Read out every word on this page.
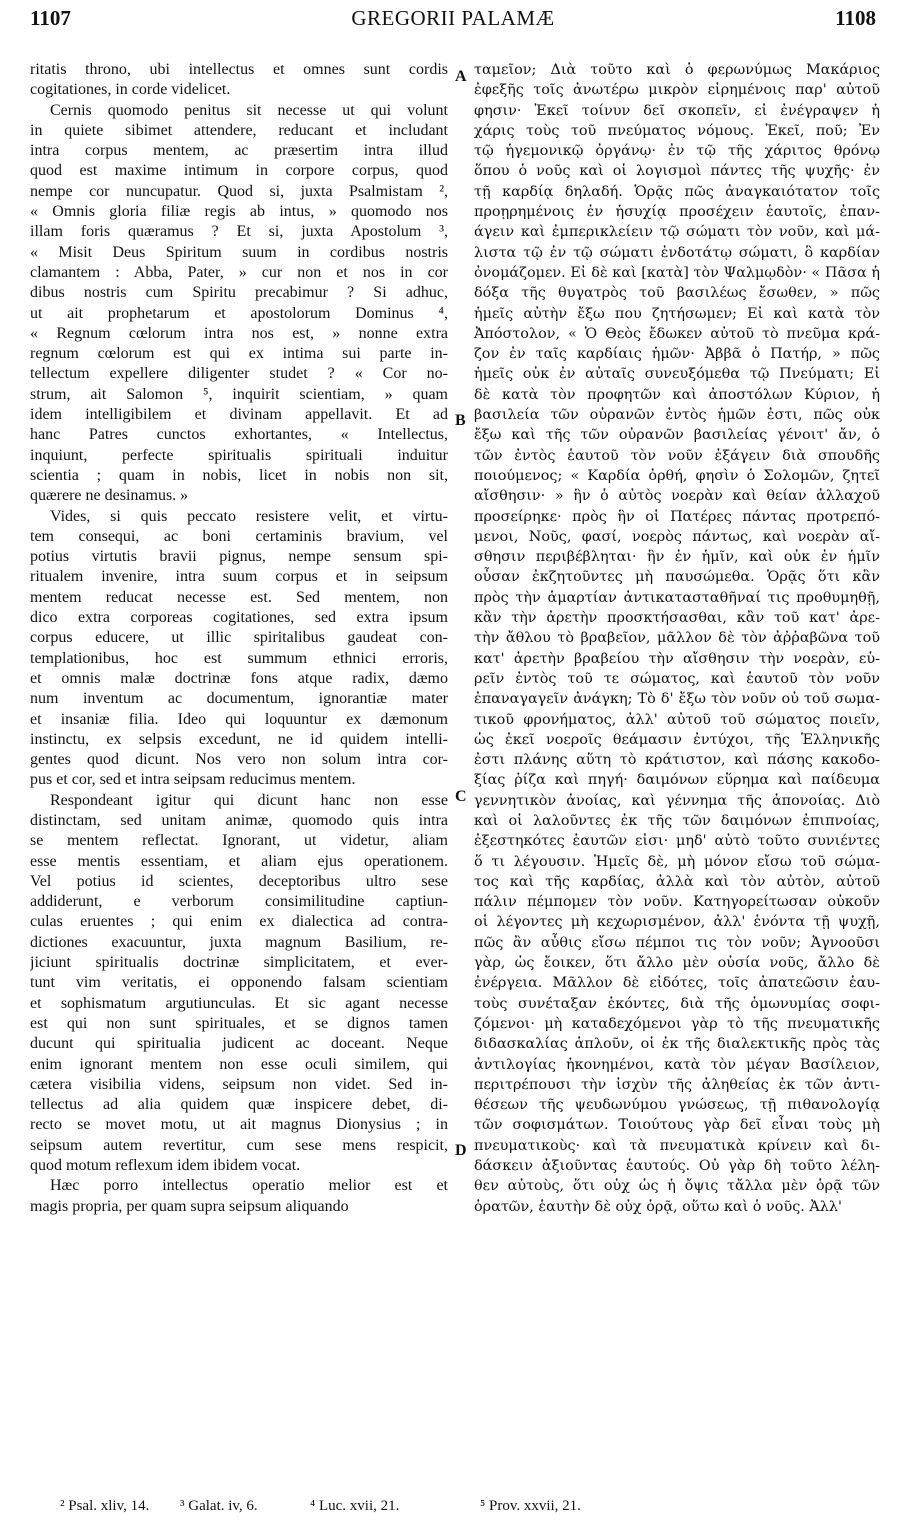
1107	GREGORII PALAMÆ	1108
ritatis throno, ubi intellectus et omnes sunt cordis
cogitationes, in corde videlicet.
Cernis quomodo penitus sit necesse ut qui volunt
in quiete sibimet attendere, reducant et includant
intra corpus mentem, ac præsertim intra illud
quod est maxime intimum in corpore corpus, quod
nempe cor nuncupatur. Quod si, juxta Psalmistam ²,
« Omnis gloria filiæ regis ab intus, » quomodo nos
illam foris quæramus ? Et si, juxta Apostolum ³,
« Misit Deus Spiritum suum in cordibus nostris
clamantem : Abba, Pater, » cur non et nos in cor
dibus nostris cum Spiritu precabimur ? Si adhuc,
ut ait prophetarum et apostolorum Dominus ⁴,
« Regnum cœlorum intra nos est, » nonne extra
regnum cœlorum est qui ex intima sui parte in-
tellectum expellere diligenter studet ? « Cor no-
strum, ait Salomon ⁵, inquirit scientiam, » quam
idem intelligibilem et divinam appellavit. Et ad
hanc Patres cunctos exhortantes, « Intellectus,
inquiunt, perfecte spiritualis spirituali induitur
scientia ; quam in nobis, licet in nobis non sit,
quærere ne desinamus. »
Vides, si quis peccato resistere velit, et virtu-
tem consequi, ac boni certaminis bravium, vel
potius virtutis bravii pignus, nempe sensum spi-
ritualem invenire, intra suum corpus et in seipsum
mentem reducat necesse est. Sed mentem, non
dico extra corporeas cogitationes, sed extra ipsum
corpus educere, ut illic spiritalibus gaudeat con-
templationibus, hoc est summum ethnici erroris,
et omnis malæ doctrinæ fons atque radix, dæmo
num inventum ac documentum, ignorantiæ mater
et insaniæ filia. Ideo qui loquuntur ex dæmonum
instinctu, ex selpsis excedunt, ne id quidem intelli-
gentes quod dicunt. Nos vero non solum intra cor-
pus et cor, sed et intra seipsam reducimus mentem.
Respondeant igitur qui dicunt hanc non esse
distinctam, sed unitam animæ, quomodo quis intra
se mentem reflectat. Ignorant, ut videtur, aliam
esse mentis essentiam, et aliam ejus operationem.
Vel potius id scientes, deceptoribus ultro sese
addiderunt, e verborum consimilitudine captiun-
culas eruentes ; qui enim ex dialectica ad contra-
dictiones exacuuntur, juxta magnum Basilium, re-
jiciunt spiritualis doctrinæ simplicitatem, et ever-
tunt vim veritatis, ei opponendo falsam scientiam
et sophismatum argutiunculas. Et sic agant necesse
est qui non sunt spirituales, et se dignos tamen
ducunt qui spiritualia judicent ac doceant. Neque
enim ignorant mentem non esse oculi similem, qui
cætera visibilia videns, seipsum non videt. Sed in-
tellectus ad alia quidem quæ inspicere debet, di-
recto se movet motu, ut ait magnus Dionysius ; in
seipsum autem revertitur, cum sese mens respicit,
quod motum reflexum idem ibidem vocat.
Hæc porro intellectus operatio melior est et
magis propria, per quam supra seipsum aliquando
ταμεῖον; Διὰ τοῦτο καὶ ὁ φερωνύμως Μακάριος
ἐφεξῆς τοῖς ἀνωτέρω μικρὸν εἰρημένοις παρ' αὐτοῦ
φησιν· Ἐκεῖ τοίνυν δεῖ σκοπεῖν, εἰ ἐνέγραψεν ἡ
χάρις τοὺς τοῦ πνεύματος νόμους. Ἐκεῖ, ποῦ; Ἐν
τῷ ἡγεμονικῷ ὀργάνῳ· ἐν τῷ τῆς χάριτος θρόνῳ
ὅπου ὁ νοῦς καὶ οἱ λογισμοὶ πάντες τῆς ψυχῆς· ἐν
τῇ καρδίᾳ δηλαδή. Ὁρᾷς πῶς ἀναγκαιότατον τοῖς
προῃρημένοις ἐν ἡσυχίᾳ προσέχειν ἑαυτοῖς, ἐπαν-
άγειν καὶ ἐμπερικλείειν τῷ σώματι τὸν νοῦν, καὶ μά-
λιστα τῷ ἐν τῷ σώματι ἐνδοτάτῳ σώματι, ὃ καρδίαν
ὀνομάζομεν. Εἰ δὲ καὶ [κατὰ] τὸν Ψαλμῳδὸν· « Πᾶσα ἡ
δόξα τῆς θυγατρὸς τοῦ βασιλέως ἔσωθεν, » πῶς
ἡμεῖς αὐτὴν ἔξω που ζητήσωμεν; Εἰ καὶ κατὰ τὸν
Ἀπόστολον, « Ὁ Θεὸς ἔδωκεν αὐτοῦ τὸ πνεῦμα κρά-
ζον ἐν ταῖς καρδίαις ἡμῶν· Ἀββᾶ ὁ Πατήρ, » πῶς
ἡμεῖς οὐκ ἐν αὐταῖς συνευξόμεθα τῷ Πνεύματι; Εἰ
δὲ κατὰ τὸν προφητῶν καὶ ἀποστόλων Κύριον, ἡ
βασιλεία τῶν οὐρανῶν ἐντὸς ἡμῶν ἐστι, πῶς οὐκ
ἔξω καὶ τῆς τῶν οὐρανῶν βασιλείας γένοιτ' ἄν, ὁ
τῶν ἐντὸς ἑαυτοῦ τὸν νοῦν ἐξάγειν διὰ σπουδῆς
ποιούμενος; « Καρδία ὀρθή, φησὶν ὁ Σολομῶν, ζητεῖ
αἴσθησιν· » ἣν ὁ αὐτὸς νοερὰν καὶ θείαν ἀλλαχοῦ
προσείρηκε· πρὸς ἣν οἱ Πατέρες πάντας προτρεπό-
μενοι, Νοῦς, φασί, νοερὸς πάντως, καὶ νοερὰν αἴ-
σθησιν περιβέβληται· ἣν ἐν ἡμῖν, καὶ οὐκ ἐν ἡμῖν
οὖσαν ἐκζητοῦντες μὴ παυσώμεθα. Ὁρᾷς ὅτι κἂν
πρὸς τὴν ἁμαρτίαν ἀντικατασταθῆναί τις προθυμηθῇ,
κἂν τὴν ἀρετὴν προσκτήσασθαι, κἂν τοῦ κατ' ἀρε-
τὴν ἄθλου τὸ βραβεῖον, μᾶλλον δὲ τὸν ἀῤῥαβῶνα τοῦ
κατ' ἀρετὴν βραβείου τὴν αἴσθησιν τὴν νοερὰν, εὑ-
ρεῖν ἐντὸς τοῦ τε σώματος, καὶ ἑαυτοῦ τὸν νοῦν
ἐπαναγαγεῖν ἀνάγκη; Τὸ δ' ἔξω τὸν νοῦν οὐ τοῦ σωμα-
τικοῦ φρονήματος, ἀλλ' αὐτοῦ τοῦ σώματος ποιεῖν,
ὡς ἐκεῖ νοεροῖς θεάμασιν ἐντύχοι, τῆς Ἑλληνικῆς
ἐστι πλάνης αὕτη τὸ κράτιστον, καὶ πάσης κακοδο-
ξίας ῥίζα καὶ πηγή· δαιμόνων εὕρημα καὶ παίδευμα
γεννητικὸν ἀνοίας, καὶ γέννημα τῆς ἀπονοίας. Διὸ
καὶ οἱ λαλοῦντες ἐκ τῆς τῶν δαιμόνων ἐπιπνοίας,
ἐξεστηκότες ἑαυτῶν εἰσι· μηδ' αὐτὸ τοῦτο συνιέντες
ὅ τι λέγουσιν. Ἡμεῖς δὲ, μὴ μόνον εἴσω τοῦ σώμα-
τος καὶ τῆς καρδίας, ἀλλὰ καὶ τὸν αὐτὸν, αὐτοῦ
πάλιν πέμπομεν τὸν νοῦν. Κατηγορείτωσαν οὐκοῦν
οἱ λέγοντες μὴ κεχωρισμένον, ἀλλ' ἑνόντα τῇ ψυχῇ,
πῶς ἂν αὖθις εἴσω πέμποι τις τὸν νοῦν; Ἀγνοοῦσι
γὰρ, ὡς ἔοικεν, ὅτι ἄλλο μὲν οὐσία νοῦς, ἄλλο δὲ
ἐνέργεια. Μᾶλλον δὲ εἰδότες, τοῖς ἀπατεῶσιν ἑαυ-
τοὺς συνέταξαν ἑκόντες, διὰ τῆς ὁμωνυμίας σοφι-
ζόμενοι· μὴ καταδεχόμενοι γὰρ τὸ τῆς πνευματικῆς
διδασκαλίας ἁπλοῦν, οἱ ἐκ τῆς διαλεκτικῆς πρὸς τὰς
ἀντιλογίας ἠκονημένοι, κατὰ τὸν μέγαν Βασίλειον,
περιτρέπουσι τὴν ἰσχὺν τῆς ἀληθείας ἐκ τῶν ἀντι-
θέσεων τῆς ψευδωνύμου γνώσεως, τῇ πιθανολογίᾳ
τῶν σοφισμάτων. Τοιούτους γὰρ δεῖ εἶναι τοὺς μὴ
πνευματικοὺς· καὶ τὰ πνευματικὰ κρίνειν καὶ δι-
δάσκειν ἀξιοῦντας ἑαυτούς. Οὐ γὰρ δὴ τοῦτο λέλη-
θεν αὐτοὺς, ὅτι οὐχ ὡς ἡ ὄψις τἄλλα μὲν ὁρᾷ τῶν
ὁρατῶν, ἑαυτὴν δὲ οὐχ ὁρᾷ, οὕτω καὶ ὁ νοῦς. Ἀλλ'
A
B
C
D
² Psal. xliv, 14. ³ Galat. iv, 6.	⁴ Luc. xvii, 21.	⁵ Prov. xxvii, 21.
